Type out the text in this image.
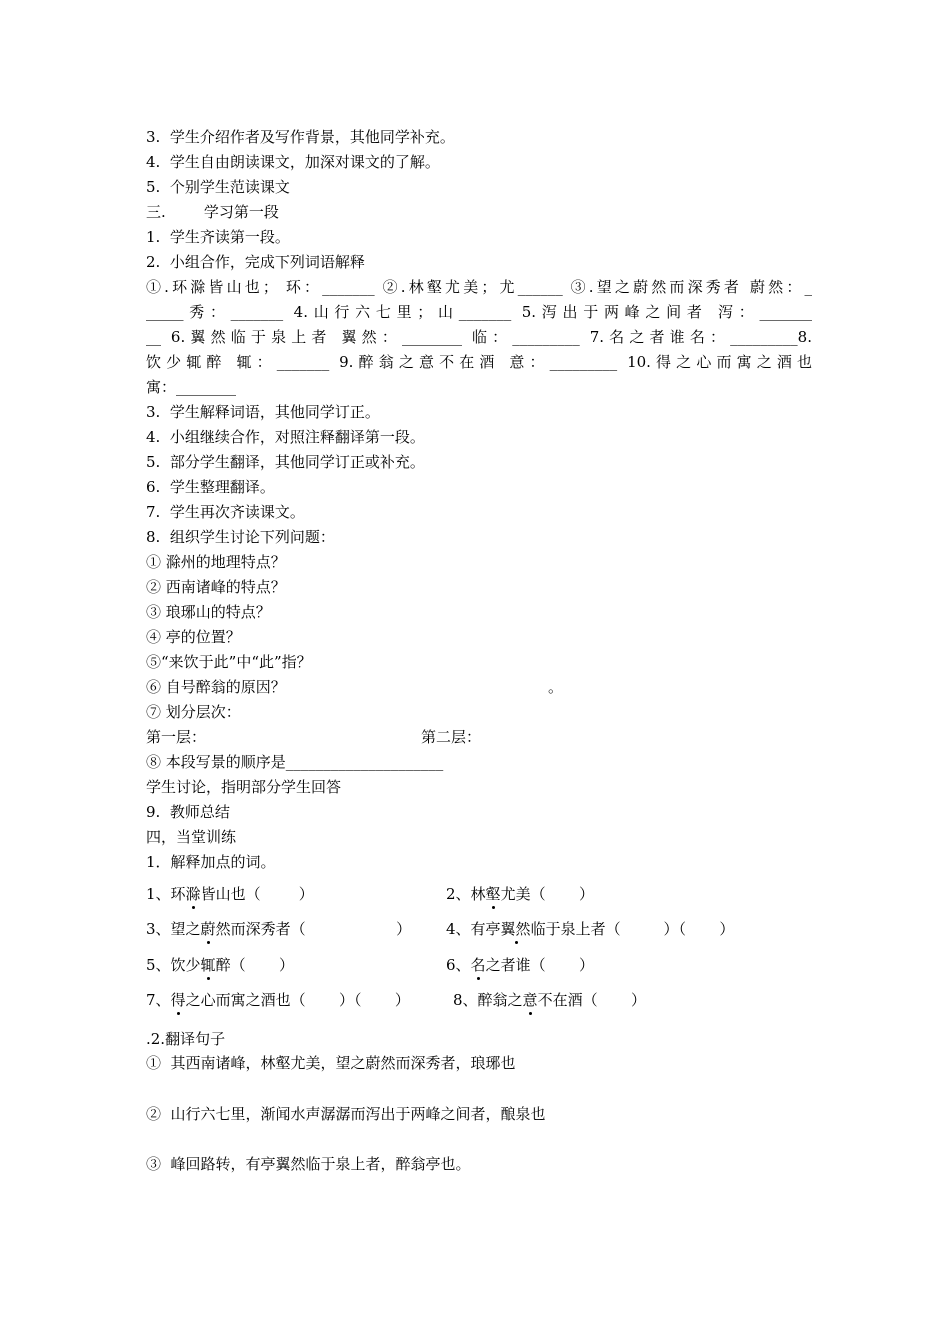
3.  学生介绍作者及写作背景，其他同学补充。
4.  学生自由朗读课文，加深对课文的了解。
5.  个别学生范读课文
三.        学习第一段
1.  学生齐读第一段。
2.  小组合作，完成下列词语解释
①.环滁皆山也； 环：_______ ②.林壑尤美；尤______ ③.望之蔚然而深秀者 蔚然：_
_____秀：_______ 4.山行六七里；山_______ 5.泻出于两峰之间者 泻：_______
__ 6.翼然临于泉上者 翼然：________ 临：_________ 7.名之者谁名：_________8.
饮少辄醉 辄：_______ 9.醉翁之意不在酒 意：_________ 10.得之心而寓之酒也
寓：________
3.  学生解释词语，其他同学订正。
4.  小组继续合作，对照注释翻译第一段。
5.  部分学生翻译，其他同学订正或补充。
6.  学生整理翻译。
7.  学生再次齐读课文。
8.  组织学生讨论下列问题：
① 滁州的地理特点？
② 西南诸峰的特点？
③ 琅琊山的特点？
④ 亭的位置？
⑤“来饮于此”中“此”指？
⑥ 自号醉翁的原因？	。
⑦ 划分层次：
第一层：	第二层：
⑧ 本段写景的顺序是_____________________
学生讨论，指明部分学生回答
9.  教师总结
四，当堂训练
1．解释加点的词。
1、环滁皆山也（        ）	2、林壑尤美（       ）
3、望之蔚然而深秀者（                   ） 4、有亭翼然临于泉上者（         ）（       ）
5、饮少辄醉（       ）	6、名之者谁（       ）
7、得之心而寓之酒也（       ）（       ）	8、醉翁之意不在酒（       ）
.2.翻译句子
①  其西南诸峰，林壑尤美，望之蔚然而深秀者，琅琊也
②  山行六七里，渐闻水声潺潺而泻出于两峰之间者，酿泉也
③  峰回路转，有亭翼然临于泉上者，醉翁亭也。
